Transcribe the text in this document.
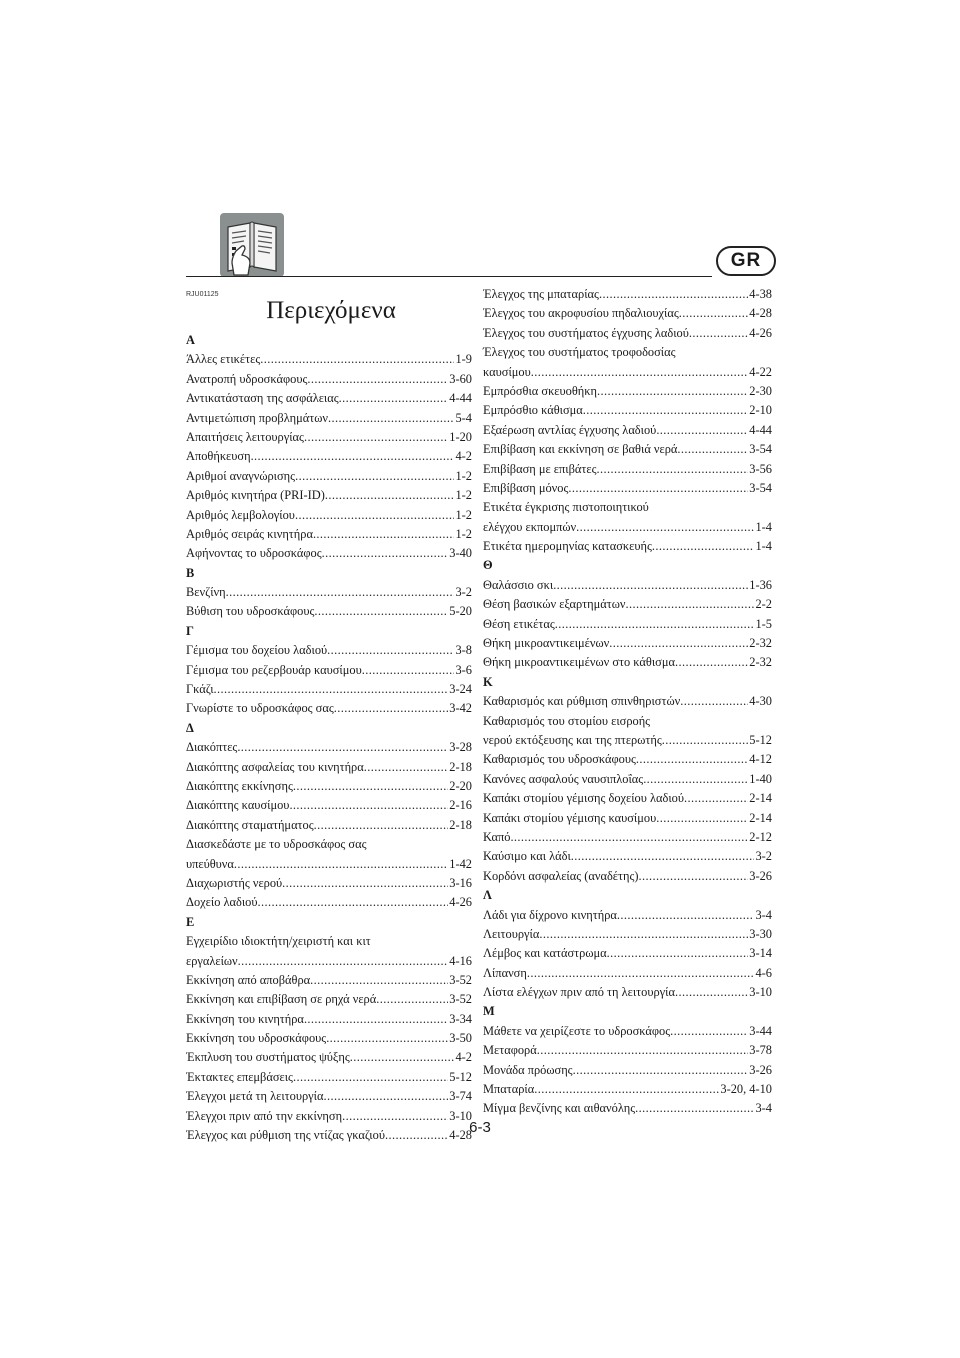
GR
RJU01125
Περιεχόμενα
Α
Άλλες ετικέτες .....	1-9
Ανατροπή υδροσκάφους .....	3-60
Αντικατάσταση της ασφάλειας .....	4-44
Αντιμετώπιση προβλημάτων .....	5-4
Απαιτήσεις λειτουργίας .....	1-20
Αποθήκευση .....	4-2
Αριθμοί αναγνώρισης .....	1-2
Αριθμός κινητήρα (PRI-ID) .....	1-2
Αριθμός λεμβολογίου .....	1-2
Αριθμός σειράς κινητήρα .....	1-2
Αφήνοντας το υδροσκάφος .....	3-40
Β
Βενζίνη .....	3-2
Βύθιση του υδροσκάφους .....	5-20
Γ
Γέμισμα του δοχείου λαδιού .....	3-8
Γέμισμα του ρεζερβουάρ καυσίμου .....	3-6
Γκάζι .....	3-24
Γνωρίστε το υδροσκάφος σας .....	3-42
Δ
Διακόπτες .....	3-28
Διακόπτης ασφαλείας του κινητήρα .....	2-18
Διακόπτης εκκίνησης .....	2-20
Διακόπτης καυσίμου .....	2-16
Διακόπτης σταματήματος .....	2-18
Διασκεδάστε με το υδροσκάφος σας
υπεύθυνα .....	1-42
Διαχωριστής νερού .....	3-16
Δοχείο λαδιού .....	4-26
Ε
Εγχειρίδιο ιδιοκτήτη/χειριστή και κιτ
εργαλείων .....	4-16
Εκκίνηση από αποβάθρα .....	3-52
Εκκίνηση και επιβίβαση σε ρηχά νερά .....	3-52
Εκκίνηση του κινητήρα .....	3-34
Εκκίνηση του υδροσκάφους .....	3-50
Έκπλυση του συστήματος ψύξης .....	4-2
Έκτακτες επεμβάσεις .....	5-12
Έλεγχοι μετά τη λειτουργία .....	3-74
Έλεγχοι πριν από την εκκίνηση .....	3-10
Έλεγχος και ρύθμιση της ντίζας γκαζιού .....	4-28
Έλεγχος της μπαταρίας .....	4-38
Έλεγχος του ακροφυσίου πηδαλιουχίας .....	4-28
Έλεγχος του συστήματος έγχυσης λαδιού .....	4-26
Έλεγχος του συστήματος τροφοδοσίας
καυσίμου .....	4-22
Εμπρόσθια σκευοθήκη .....	2-30
Εμπρόσθιο κάθισμα .....	2-10
Εξαέρωση αντλίας έγχυσης λαδιού .....	4-44
Επιβίβαση και εκκίνηση σε βαθιά νερά .....	3-54
Επιβίβαση με επιβάτες .....	3-56
Επιβίβαση μόνος .....	3-54
Ετικέτα έγκρισης πιστοποιητικού
ελέγχου εκπομπών .....	1-4
Ετικέτα ημερομηνίας κατασκευής .....	1-4
Θ
Θαλάσσιο σκι .....	1-36
Θέση βασικών εξαρτημάτων .....	2-2
Θέση ετικέτας .....	1-5
Θήκη μικροαντικειμένων .....	2-32
Θήκη μικροαντικειμένων στο κάθισμα .....	2-32
Κ
Καθαρισμός και ρύθμιση σπινθηριστών .....	4-30
Καθαρισμός του στομίου εισροής
νερού εκτόξευσης και της πτερωτής .....	5-12
Καθαρισμός του υδροσκάφους .....	4-12
Κανόνες ασφαλούς ναυσιπλοΐας .....	1-40
Καπάκι στομίου γέμισης δοχείου λαδιού .....	2-14
Καπάκι στομίου γέμισης καυσίμου .....	2-14
Καπό .....	2-12
Καύσιμο και λάδι .....	3-2
Κορδόνι ασφαλείας (αναδέτης) .....	3-26
Λ
Λάδι για δίχρονο κινητήρα .....	3-4
Λειτουργία .....	3-30
Λέμβος και κατάστρωμα .....	3-14
Λίπανση .....	4-6
Λίστα ελέγχων πριν από τη λειτουργία .....	3-10
Μ
Μάθετε να χειρίζεστε το υδροσκάφος .....	3-44
Μεταφορά .....	3-78
Μονάδα πρόωσης .....	3-26
Μπαταρία .....	3-20, 4-10
Μίγμα βενζίνης και αιθανόλης .....	3-4
6-3
